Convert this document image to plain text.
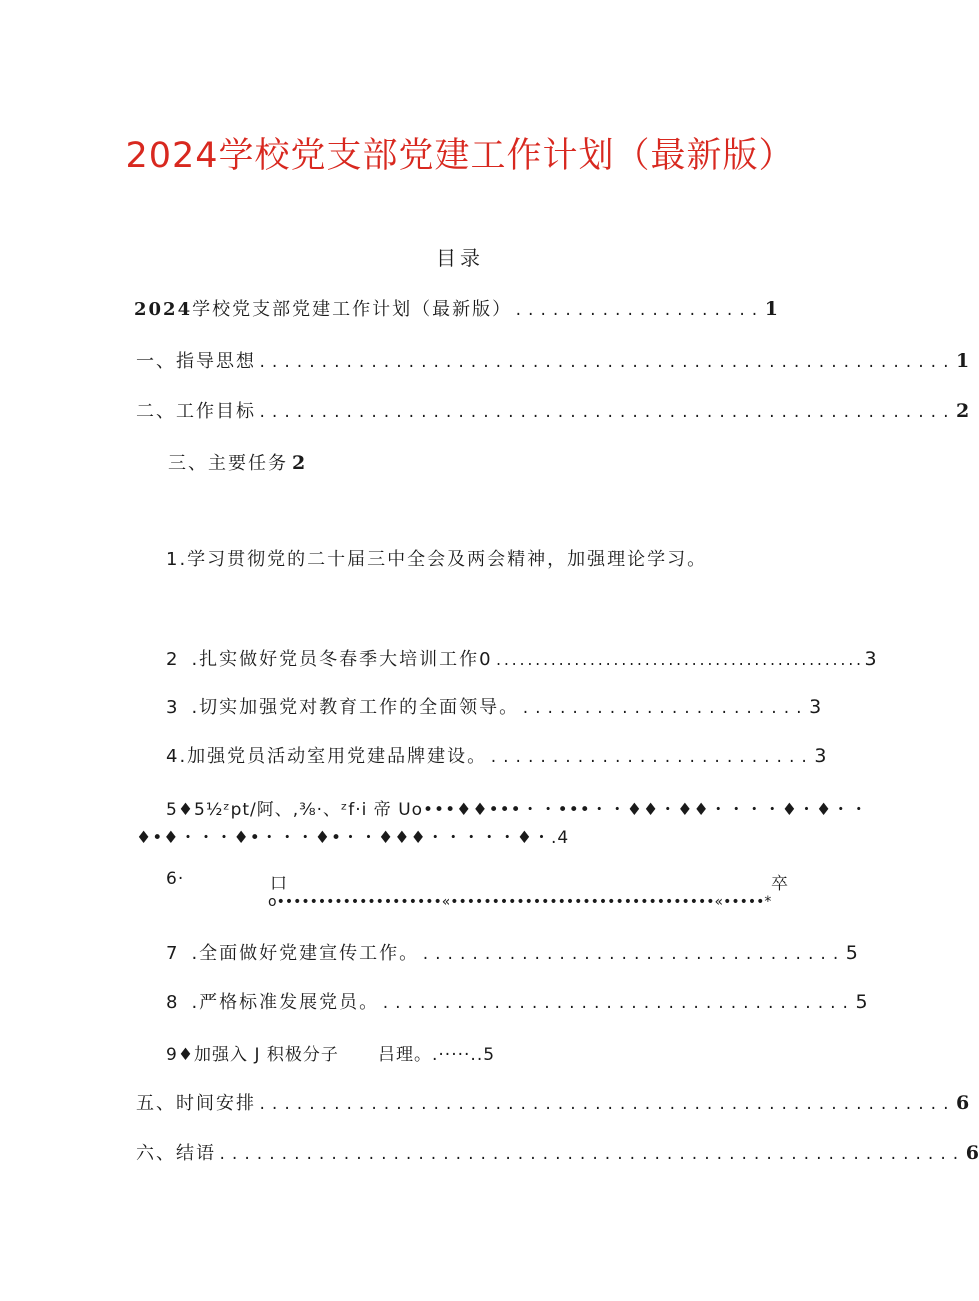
2024学校党支部党建工作计划（最新版）
目录
2024学校党支部党建工作计划（最新版） .................... 1
一、指导思想 ........................................................ 1
二、工作目标 ........................................................ 2
三、主要任务 2
1.学习贯彻党的二十届三中全会及两会精神，加强理论学习。
2 .扎实做好党员冬春季大培训工作0 ............................................... 3
3 .切实加强党对教育工作的全面领导。 ....................... 3
4.加强党员活动室用党建品牌建设。 .......................... 3
5♦5½ᶻpt/阿、,⅜·、ᶻf·i 帝 Uo•••♦♦•••・・•••・・♦♦・♦♦・・・・♦・♦・・
♦•♦・・・♦•・・・♦•・・♦♦♦・・・・・♦・.4
6·	口	卒
o••••••••••••••••••••«••••••••••••••••••••••••••••••••«•••••*
7 .全面做好党建宣传工作。 .................................. 5
8 .严格标准发展党员。 ...................................... 5
9♦加强入 J 积极分子 吕理。.·····..5
五、时间安排 ........................................................ 6
六、结语 ............................................................ 6
